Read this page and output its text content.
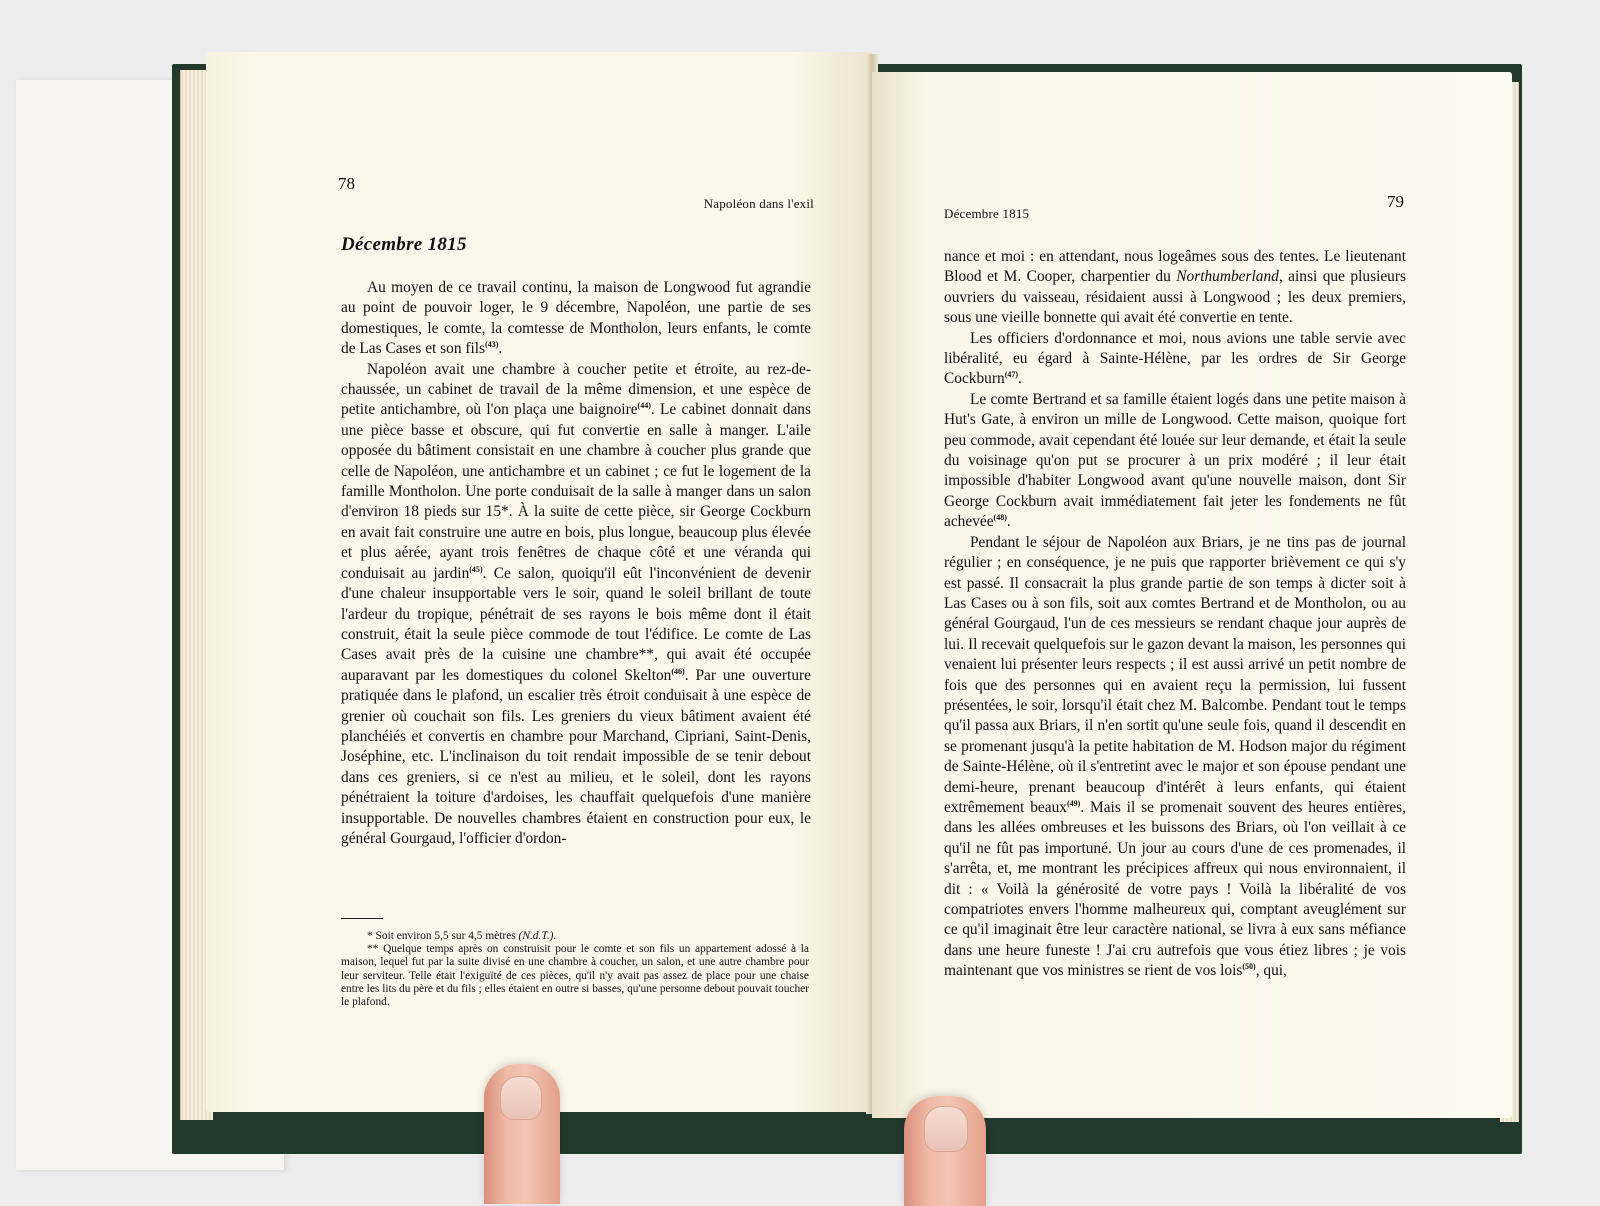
78
Napoléon dans l'exil
Décembre 1815

Au moyen de ce travail continu, la maison de Longwood fut agrandie au point de pouvoir loger, le 9 décembre, Napoléon, une partie de ses domestiques, le comte, la comtesse de Montholon, leurs enfants, le comte de Las Cases et son fils$^{(43)}$.

Napoléon avait une chambre à coucher petite et étroite, au rez-de-chaussée, un cabinet de travail de la même dimension, et une espèce de petite antichambre, où l'on plaça une baignoire$^{(44)}$. Le cabinet donnait dans une pièce basse et obscure, qui fut convertie en salle à manger. L'aile opposée du bâtiment consistait en une chambre à coucher plus grande que celle de Napoléon, une antichambre et un cabinet ; ce fut le logement de la famille Montholon. Une porte conduisait de la salle à manger dans un salon d'environ 18 pieds sur 15*. À la suite de cette pièce, sir George Cockburn en avait fait construire une autre en bois, plus longue, beaucoup plus élevée et plus aérée, ayant trois fenêtres de chaque côté et une véranda qui conduisait au jardin$^{(45)}$. Ce salon, quoiqu'il eût l'inconvénient de devenir d'une chaleur insupportable vers le soir, quand le soleil brillant de toute l'ardeur du tropique, pénétrait de ses rayons le bois même dont il était construit, était la seule pièce commode de tout l'édifice. Le comte de Las Cases avait près de la cuisine une chambre**, qui avait été occupée auparavant par les domestiques du colonel Skelton$^{(46)}$. Par une ouverture pratiquée dans le plafond, un escalier très étroit conduisait à une espèce de grenier où couchait son fils. Les greniers du vieux bâtiment avaient été planchéiés et convertis en chambre pour Marchand, Cipriani, Saint-Denis, Joséphine, etc. L'inclinaison du toit rendait impossible de se tenir debout dans ces greniers, si ce n'est au milieu, et le soleil, dont les rayons pénétraient la toiture d'ardoises, les chauffait quelquefois d'une manière insupportable. De nouvelles chambres étaient en construction pour eux, le général Gourgaud, l'officier d'ordon-

* Soit environ 5,5 sur 4,5 mètres (N.d.T.).

** Quelque temps après on construisit pour le comte et son fils un appartement adossé à la maison, lequel fut par la suite divisé en une chambre à coucher, un salon, et une autre chambre pour leur serviteur. Telle était l'exiguïté de ces pièces, qu'il n'y avait pas assez de place pour une chaise entre les lits du père et du fils ; elles étaient en outre si basses, qu'une personne debout pouvait toucher le plafond.

Décembre 1815
79

nance et moi : en attendant, nous logeâmes sous des tentes. Le lieutenant Blood et M. Cooper, charpentier du Northumberland, ainsi que plusieurs ouvriers du vaisseau, résidaient aussi à Longwood ; les deux premiers, sous une vieille bonnette qui avait été convertie en tente.

Les officiers d'ordonnance et moi, nous avions une table servie avec libéralité, eu égard à Sainte-Hélène, par les ordres de Sir George Cockburn$^{(47)}$.

Le comte Bertrand et sa famille étaient logés dans une petite maison à Hut's Gate, à environ un mille de Longwood. Cette maison, quoique fort peu commode, avait cependant été louée sur leur demande, et était la seule du voisinage qu'on put se procurer à un prix modéré ; il leur était impossible d'habiter Longwood avant qu'une nouvelle maison, dont Sir George Cockburn avait immédiatement fait jeter les fondements ne fût achevée$^{(48)}$.

Pendant le séjour de Napoléon aux Briars, je ne tins pas de journal régulier ; en conséquence, je ne puis que rapporter brièvement ce qui s'y est passé. Il consacrait la plus grande partie de son temps à dicter soit à Las Cases ou à son fils, soit aux comtes Bertrand et de Montholon, ou au général Gourgaud, l'un de ces messieurs se rendant chaque jour auprès de lui. Il recevait quelquefois sur le gazon devant la maison, les personnes qui venaient lui présenter leurs respects ; il est aussi arrivé un petit nombre de fois que des personnes qui en avaient reçu la permission, lui fussent présentées, le soir, lorsqu'il était chez M. Balcombe. Pendant tout le temps qu'il passa aux Briars, il n'en sortit qu'une seule fois, quand il descendit en se promenant jusqu'à la petite habitation de M. Hodson major du régiment de Sainte-Hélène, où il s'entretint avec le major et son épouse pendant une demi-heure, prenant beaucoup d'intérêt à leurs enfants, qui étaient extrêmement beaux$^{(49)}$. Mais il se promenait souvent des heures entières, dans les allées ombreuses et les buissons des Briars, où l'on veillait à ce qu'il ne fût pas importuné. Un jour au cours d'une de ces promenades, il s'arrêta, et, me montrant les précipices affreux qui nous environnaient, il dit : « Voilà la générosité de votre pays ! Voilà la libéralité de vos compatriotes envers l'homme malheureux qui, comptant aveuglément sur ce qu'il imaginait être leur caractère national, se livra à eux sans méfiance dans une heure funeste ! J'ai cru autrefois que vous étiez libres ; je vois maintenant que vos ministres se rient de vos lois$^{(50)}$, qui,
